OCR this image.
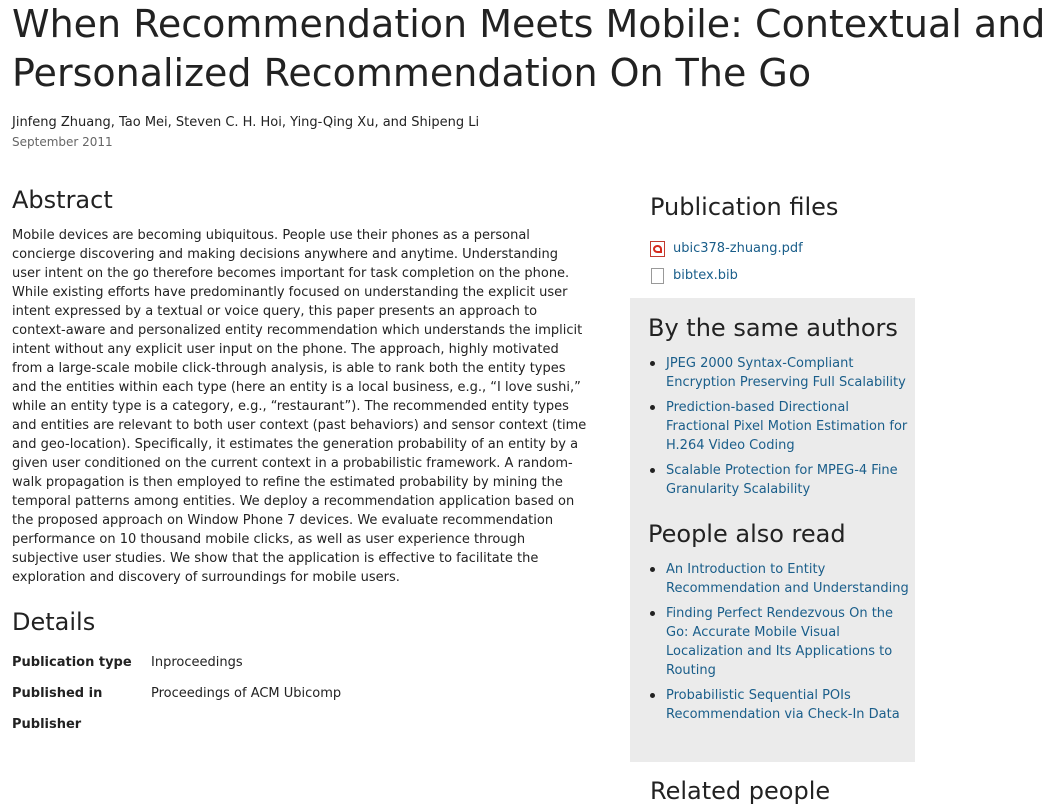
When Recommendation Meets Mobile: Contextual and
Personalized Recommendation On The Go
Jinfeng Zhuang, Tao Mei, Steven C. H. Hoi, Ying-Qing Xu, and Shipeng Li
September 2011
Abstract

Mobile devices are becoming ubiquitous. People use their phones as a personal concierge discovering and making decisions anywhere and anytime. Understanding user intent on the go therefore becomes important for task completion on the phone. While existing efforts have predominantly focused on understanding the explicit user intent expressed by a textual or voice query, this paper presents an approach to context-aware and personalized entity recommendation which understands the implicit intent without any explicit user input on the phone. The approach, highly motivated from a large-scale mobile click-through analysis, is able to rank both the entity types and the entities within each type (here an entity is a local business, e.g., “I love sushi,” while an entity type is a category, e.g., “restaurant”). The recommended entity types and entities are relevant to both user context (past behaviors) and sensor context (time and geo-location). Specifically, it estimates the generation probability of an entity by a given user conditioned on the current context in a probabilistic framework. A random-walk propagation is then employed to refine the estimated probability by mining the temporal patterns among entities. We deploy a recommendation application based on the proposed approach on Window Phone 7 devices. We evaluate recommendation performance on 10 thousand mobile clicks, as well as user experience through subjective user studies. We show that the application is effective to facilitate the exploration and discovery of surroundings for mobile users.

Details
Publication type	Inproceedings
Published in	Proceedings of ACM Ubicomp
Publisher
Publication files
ubic378-zhuang.pdf
bibtex.bib
By the same authors
JPEG 2000 Syntax-Compliant Encryption Preserving Full Scalability
Prediction-based Directional Fractional Pixel Motion Estimation for H.264 Video Coding
Scalable Protection for MPEG-4 Fine Granularity Scalability
People also read
An Introduction to Entity Recommendation and Understanding
Finding Perfect Rendezvous On the Go: Accurate Mobile Visual Localization and Its Applications to Routing
Probabilistic Sequential POIs Recommendation via Check-In Data
Related people
